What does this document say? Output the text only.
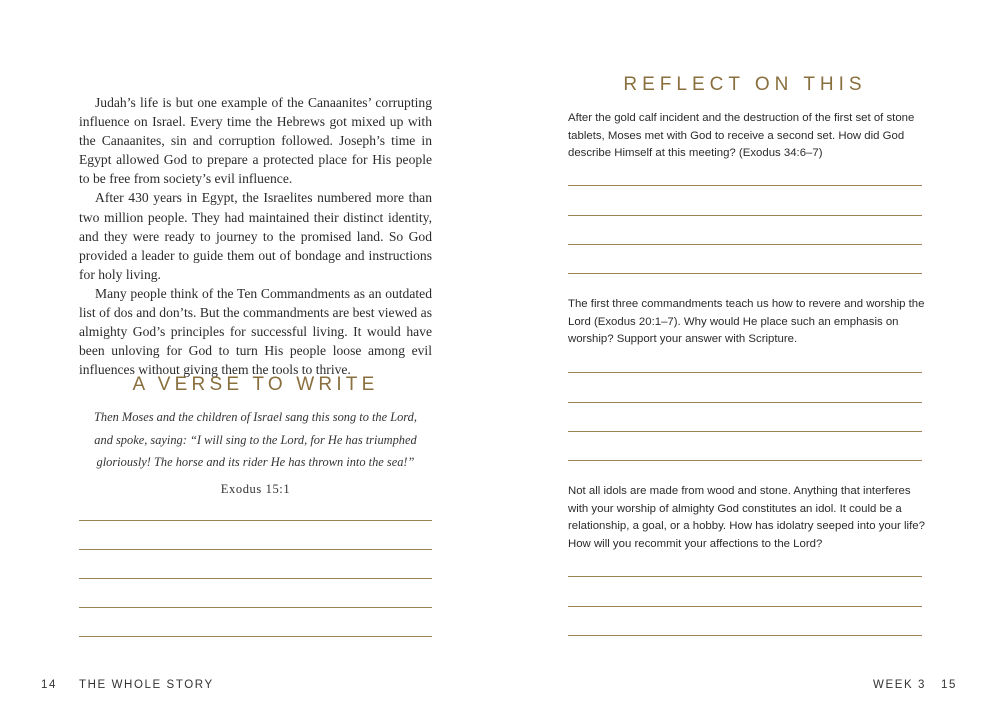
Judah’s life is but one example of the Canaanites’ corrupting influence on Israel. Every time the Hebrews got mixed up with the Canaanites, sin and corruption followed. Joseph’s time in Egypt allowed God to prepare a protected place for His people to be free from society’s evil influence.

After 430 years in Egypt, the Israelites numbered more than two million people. They had maintained their distinct identity, and they were ready to journey to the promised land. So God provided a leader to guide them out of bondage and instructions for holy living.

Many people think of the Ten Commandments as an outdated list of dos and don’ts. But the commandments are best viewed as almighty God’s principles for successful living. It would have been unloving for God to turn His people loose among evil influences without giving them the tools to thrive.

A VERSE TO WRITE
Then Moses and the children of Israel sang this song to the Lord,
and spoke, saying: “I will sing to the Lord, for He has triumphed
gloriously! The horse and its rider He has thrown into the sea!”
Exodus 15:1
14 THE WHOLE STORY
REFLECT ON THIS
After the gold calf incident and the destruction of the first set of stone tablets, Moses met with God to receive a second set. How did God describe Himself at this meeting? (Exodus 34:6–7)
The first three commandments teach us how to revere and worship the Lord (Exodus 20:1–7). Why would He place such an emphasis on worship? Support your answer with Scripture.
Not all idols are made from wood and stone. Anything that interferes with your worship of almighty God constitutes an idol. It could be a relationship, a goal, or a hobby. How has idolatry seeped into your life? How will you recommit your affections to the Lord?
WEEK 3 15
